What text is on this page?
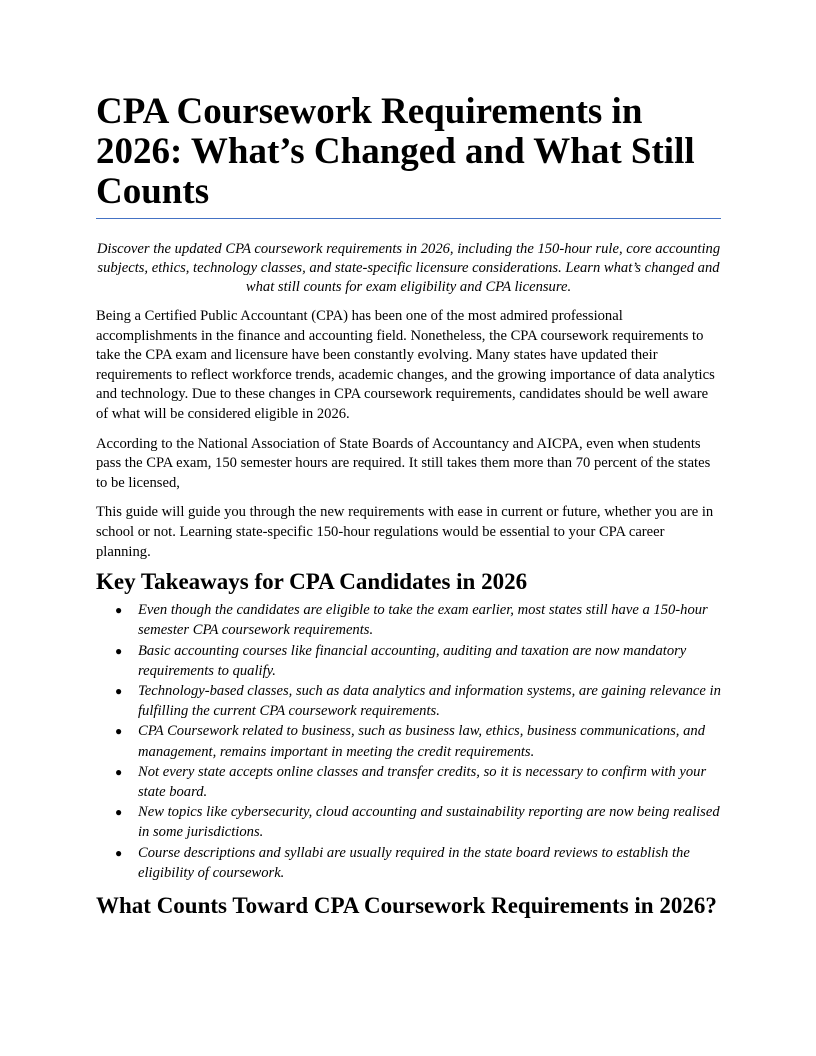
CPA Coursework Requirements in 2026: What’s Changed and What Still Counts

Discover the updated CPA coursework requirements in 2026, including the 150-hour rule, core accounting subjects, ethics, technology classes, and state-specific licensure considerations. Learn what’s changed and what still counts for exam eligibility and CPA licensure.

Being a Certified Public Accountant (CPA) has been one of the most admired professional accomplishments in the finance and accounting field. Nonetheless, the CPA coursework requirements to take the CPA exam and licensure have been constantly evolving. Many states have updated their requirements to reflect workforce trends, academic changes, and the growing importance of data analytics and technology. Due to these changes in CPA coursework requirements, candidates should be well aware of what will be considered eligible in 2026.

According to the National Association of State Boards of Accountancy and AICPA, even when students pass the CPA exam, 150 semester hours are required. It still takes them more than 70 percent of the states to be licensed,

This guide will guide you through the new requirements with ease in current or future, whether you are in school or not. Learning state-specific 150-hour regulations would be essential to your CPA career planning.

Key Takeaways for CPA Candidates in 2026
● Even though the candidates are eligible to take the exam earlier, most states still have a 150-hour semester CPA coursework requirements.
● Basic accounting courses like financial accounting, auditing and taxation are now mandatory requirements to qualify.
● Technology-based classes, such as data analytics and information systems, are gaining relevance in fulfilling the current CPA coursework requirements.
● CPA Coursework related to business, such as business law, ethics, business communications, and management, remains important in meeting the credit requirements.
● Not every state accepts online classes and transfer credits, so it is necessary to confirm with your state board.
● New topics like cybersecurity, cloud accounting and sustainability reporting are now being realised in some jurisdictions.
● Course descriptions and syllabi are usually required in the state board reviews to establish the eligibility of coursework.
What Counts Toward CPA Coursework Requirements in 2026?
